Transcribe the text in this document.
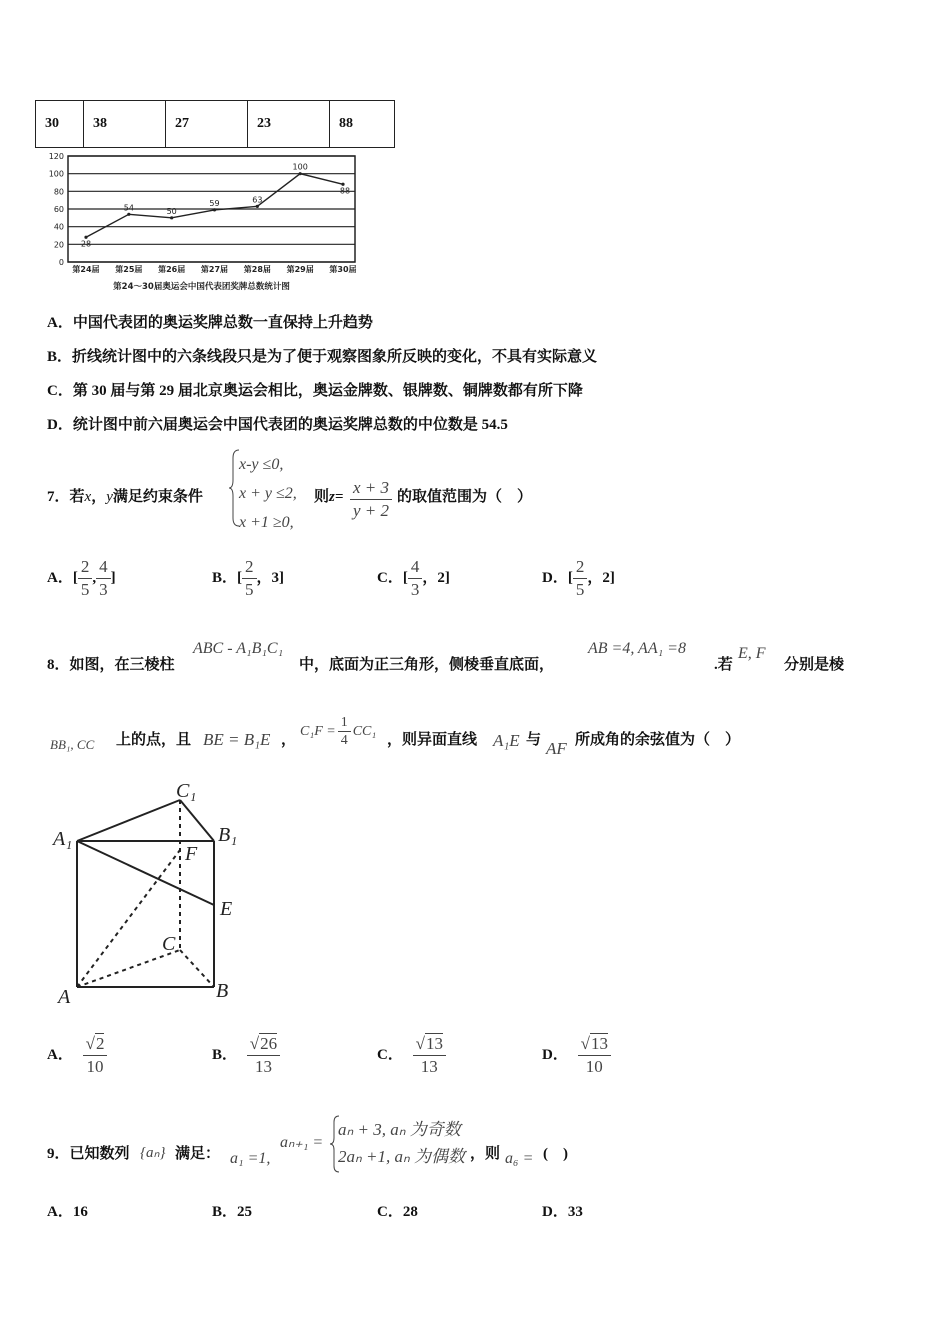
30	38	27	23	88
0
20
40
60
80
100
120
第24届 第25届 第26届 第27届 第28届 第29届 第30届
28
54	50
59	63
100
88
第24～30届奥运会中国代表团奖牌总数统计图
A．中国代表团的奥运奖牌总数一直保持上升趋势
B．折线统计图中的六条线段只是为了便于观察图象所反映的变化，不具有实际意义
C．第 30 届与第 29 届北京奥运会相比，奥运金牌数、银牌数、铜牌数都有所下降
D．统计图中前六届奥运会中国代表团的奥运奖牌总数的中位数是 54.5
7．若x，y满足约束条件
x-y ≤0,
x + y ≤2,
x +1 ≥0,
则$z= \frac{x + 3}{y + 2}$ 的取值范围为（　）
A．[ $\frac{2}{5}$ , $\frac{4}{3}$ ]	B．[ $\frac{2}{5}$ ，3]	C．[ $\frac{4}{3}$ ，2]	D．[ $\frac{2}{5}$ ，2]
8．如图，在三棱柱
ABC - A₁B₁C₁
中，底面为正三角形，侧棱垂直底面，
AB =4, AA₁ =8
.若
E, F
分别是棱
BB₁, CC 上的点，且 BE = B₁E ，
$C_1F = \frac{1}{4} CC_1$
，则异面直线 A₁E 与 AF 所成角的余弦值为（　）
C₁
A₁	B₁
F
E
C
A	B
A． $\frac{√2}{10}$	B． $\frac{√26}{13}$	C． $\frac{√13}{13}$	D． $\frac{√13}{10}$
9．已知数列 {aₙ} 满足： a₁ =1,
aₙ₊₁ =
aₙ + 3, aₙ 为奇数
2aₙ +1, aₙ 为偶数 ，则 a₆ = (　)
A．16	B．25	C．28	D．33
